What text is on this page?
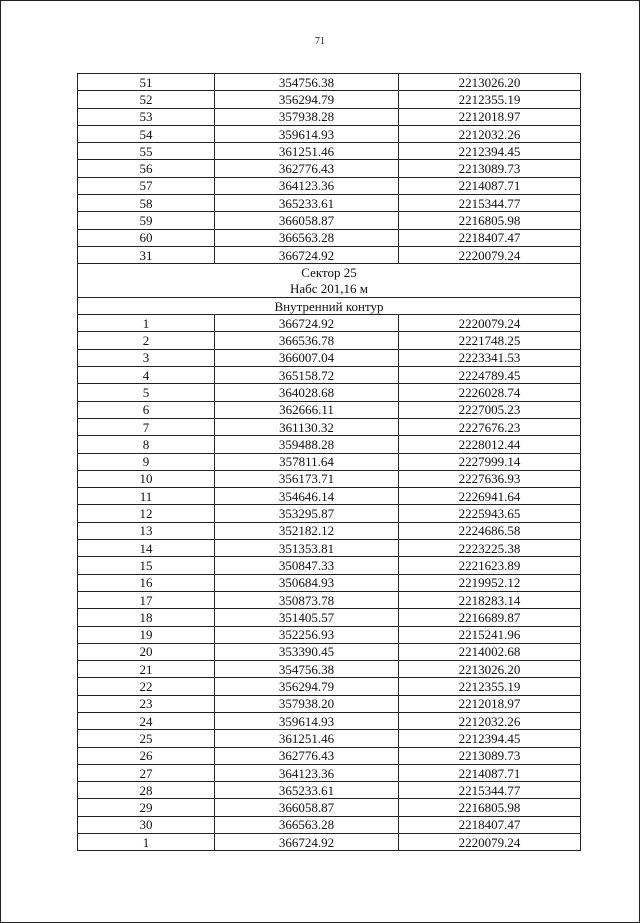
71
51	354756.38	2213026.20
52	356294.79	2212355.19
53	357938.28	2212018.97
54	359614.93	2212032.26
55	361251.46	2212394.45
56	362776.43	2213089.73
57	364123.36	2214087.71
58	365233.61	2215344.77
59	366058.87	2216805.98
60	366563.28	2218407.47
31	366724.92	2220079.24
Сектор 25		
Набс 201,16 м		
Внутренний контур		
1	366724.92	2220079.24
2	366536.78	2221748.25
3	366007.04	2223341.53
4	365158.72	2224789.45
5	364028.68	2226028.74
6	362666.11	2227005.23
7	361130.32	2227676.23
8	359488.28	2228012.44
9	357811.64	2227999.14
10	356173.71	2227636.93
11	354646.14	2226941.64
12	353295.87	2225943.65
13	352182.12	2224686.58
14	351353.81	2223225.38
15	350847.33	2221623.89
16	350684.93	2219952.12
17	350873.78	2218283.14
18	351405.57	2216689.87
19	352256.93	2215241.96
20	353390.45	2214002.68
21	354756.38	2213026.20
22	356294.79	2212355.19
23	357938.20	2212018.97
24	359614.93	2212032.26
25	361251.46	2212394.45
26	362776.43	2213089.73
27	364123.36	2214087.71
28	365233.61	2215344.77
29	366058.87	2216805.98
30	366563.28	2218407.47
1	366724.92	2220079.24
